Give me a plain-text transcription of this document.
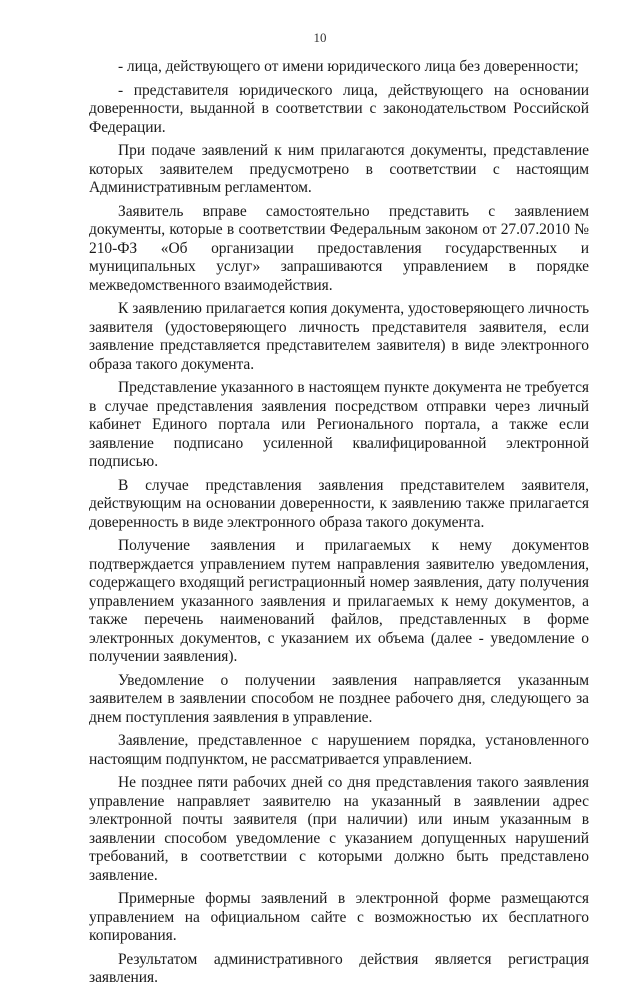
10

- лица, действующего от имени юридического лица без доверенности;

- представителя юридического лица, действующего на основании доверенности, выданной в соответствии с законодательством Российской Федерации.

При подаче заявлений к ним прилагаются документы, представление которых заявителем предусмотрено в соответствии с настоящим Административным регламентом.

Заявитель вправе самостоятельно представить с заявлением документы, которые в соответствии Федеральным законом от 27.07.2010 № 210-ФЗ «Об организации предоставления государственных и муниципальных услуг» запрашиваются управлением в порядке межведомственного взаимодействия.

К заявлению прилагается копия документа, удостоверяющего личность заявителя (удостоверяющего личность представителя заявителя, если заявление представляется представителем заявителя) в виде электронного образа такого документа.

Представление указанного в настоящем пункте документа не требуется в случае представления заявления посредством отправки через личный кабинет Единого портала или Регионального портала, а также если заявление подписано усиленной квалифицированной электронной подписью.

В случае представления заявления представителем заявителя, действующим на основании доверенности, к заявлению также прилагается доверенность в виде электронного образа такого документа.

Получение заявления и прилагаемых к нему документов подтверждается управлением путем направления заявителю уведомления, содержащего входящий регистрационный номер заявления, дату получения управлением указанного заявления и прилагаемых к нему документов, а также перечень наименований файлов, представленных в форме электронных документов, с указанием их объема (далее - уведомление о получении заявления).

Уведомление о получении заявления направляется указанным заявителем в заявлении способом не позднее рабочего дня, следующего за днем поступления заявления в управление.

Заявление, представленное с нарушением порядка, установленного настоящим подпунктом, не рассматривается управлением.

Не позднее пяти рабочих дней со дня представления такого заявления управление направляет заявителю на указанный в заявлении адрес электронной почты заявителя (при наличии) или иным указанным в заявлении способом уведомление с указанием допущенных нарушений требований, в соответствии с которыми должно быть представлено заявление.

Примерные формы заявлений в электронной форме размещаются управлением на официальном сайте с возможностью их бесплатного копирования.

Результатом административного действия является регистрация заявления.
